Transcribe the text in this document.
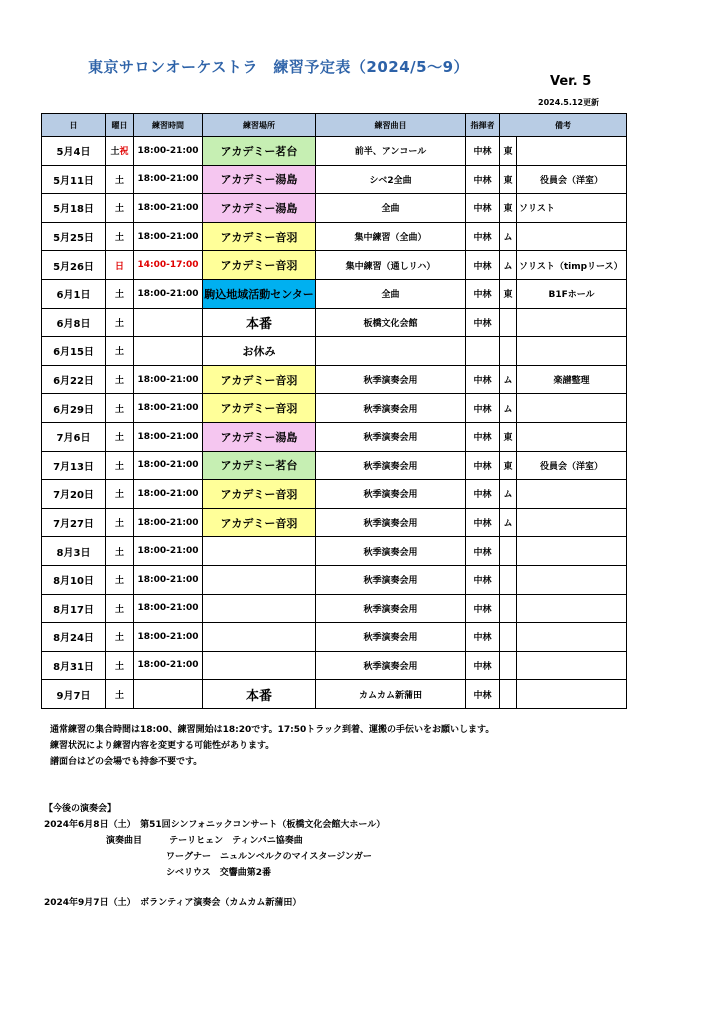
東京サロンオーケストラ　練習予定表（2024/5～9）
Ver. 5
2024.5.12更新
日	曜日	練習時間	練習場所	練習曲目	指揮者	備考	
5月4日	土祝	18:00-21:00	アカデミー茗台	前半、アンコール	中林	東	
5月11日	土	18:00-21:00	アカデミー湯島	シベ2全曲	中林	東	役員会（洋室）
5月18日	土	18:00-21:00	アカデミー湯島	全曲	中林	東	ソリスト
5月25日	土	18:00-21:00	アカデミー音羽	集中練習（全曲）	中林	ム	
5月26日	日	14:00-17:00	アカデミー音羽	集中練習（通しリハ）	中林	ム	ソリスト（timpリース）
6月1日	土	18:00-21:00	駒込地域活動センター	全曲	中林	東	B1Fホール
6月8日	土		本番	板橋文化会館	中林		
6月15日	土		お休み				
6月22日	土	18:00-21:00	アカデミー音羽	秋季演奏会用	中林	ム	楽譜整理
6月29日	土	18:00-21:00	アカデミー音羽	秋季演奏会用	中林	ム	
7月6日	土	18:00-21:00	アカデミー湯島	秋季演奏会用	中林	東	
7月13日	土	18:00-21:00	アカデミー茗台	秋季演奏会用	中林	東	役員会（洋室）
7月20日	土	18:00-21:00	アカデミー音羽	秋季演奏会用	中林	ム	
7月27日	土	18:00-21:00	アカデミー音羽	秋季演奏会用	中林	ム	
8月3日	土	18:00-21:00		秋季演奏会用	中林		
8月10日	土	18:00-21:00		秋季演奏会用	中林		
8月17日	土	18:00-21:00		秋季演奏会用	中林		
8月24日	土	18:00-21:00		秋季演奏会用	中林		
8月31日	土	18:00-21:00		秋季演奏会用	中林		
9月7日	土		本番	カムカム新蒲田	中林		
通常練習の集合時間は18:00、練習開始は18:20です。17:50トラック到着、運搬の手伝いをお願いします。
練習状況により練習内容を変更する可能性があります。
譜面台はどの会場でも持参不要です。
【今後の演奏会】
2024年6月8日（土）　第51回シンフォニックコンサート（板橋文化会館大ホール）
演奏曲目	テーリヒェン　ティンパニ協奏曲
ワーグナー　ニュルンベルクのマイスタージンガー
シベリウス　交響曲第2番
2024年9月7日（土）　ボランティア演奏会（カムカム新蒲田）
